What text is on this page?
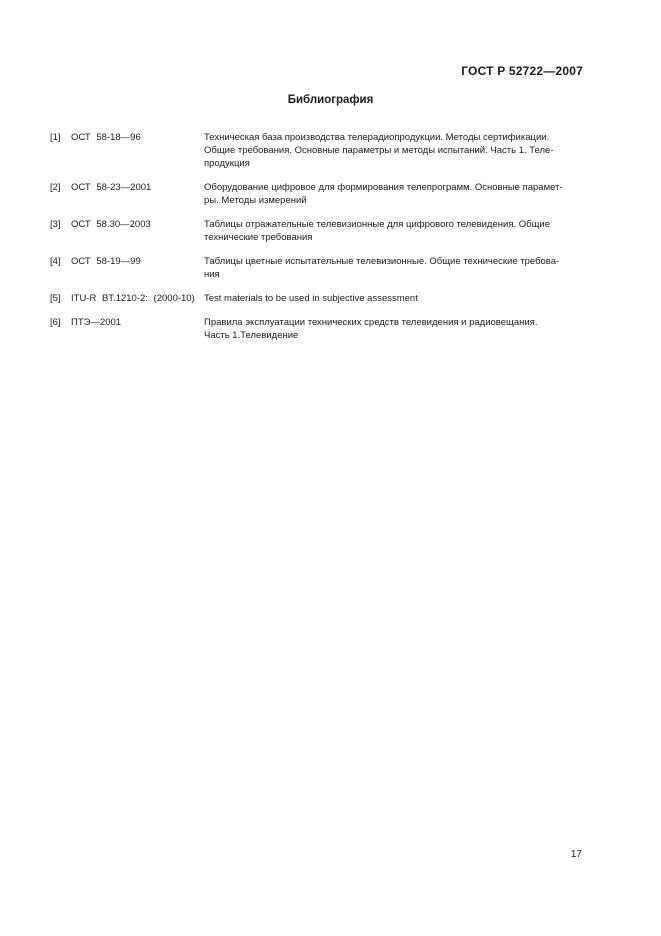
ГОСТ Р 52722—2007
Библиография
[1]	ОСТ 58-18—96	Техническая база производства телерадиопродукции. Методы сертификации.
Общие требования. Основные параметры и методы испытаний. Часть 1. Теле-
продукция
[2]	ОСТ 58-23—2001	Оборудование цифровое для формирования телепрограмм. Основные парамет-
ры. Методы измерений
[3]	ОСТ 58.30—2003	Таблицы отражательные телевизионные для цифрового телевидения. Общие
технические требования
[4]	ОСТ 58-19—99	Таблицы цветные испытательные телевизионные. Общие технические требова-
ния
[5]	ITU-R BT.1210-2: (2000-10) Test materials to be used in subjective assessment
[6]	ПТЭ—2001	Правила эксплуатации технических средств телевидения и радиовещания.
Часть 1.Телевидение
17
